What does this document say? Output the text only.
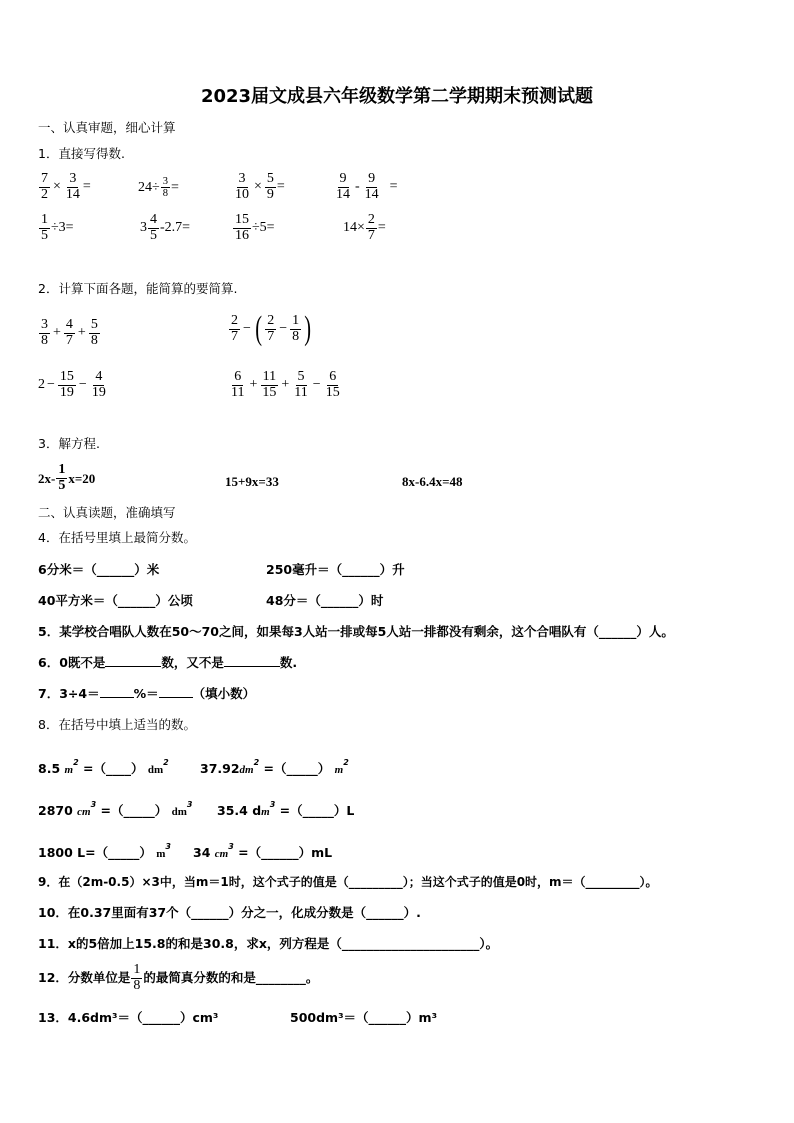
2023届文成县六年级数学第二学期期末预测试题
一、认真审题，细心计算
1．直接写得数.
$\frac{7}{2} \times \frac{3}{14}$ =	$24 \div \frac{3}{8}$ =	$\frac{3}{10} \times \frac{5}{9}$ =	$\frac{9}{14} - \frac{9}{14}$ =
$\frac{1}{5} \div 3=$	$3 \frac{4}{5} -2.7=$	$\frac{15}{16} \div 5=$	$14\times \frac{2}{7}$ =
2．计算下面各题，能简算的要简算.
$\frac{3}{8} + \frac{4}{7} + \frac{5}{8}$	$\frac{2}{7}$ − ( $\frac{2}{7} - \frac{1}{8}$ )
$2 - \frac{15}{19} - \frac{4}{19}$	$\frac{6}{11} + \frac{11}{15} + \frac{5}{11} - \frac{6}{15}$
3．解方程.
$2x- \frac{1}{5} x=20$	15+9x=33	8x-6.4x=48
二、认真读题，准确填写
4．在括号里填上最简分数。
6分米＝（______）米	250毫升＝（______）升
40平方米＝（______）公顷	48分＝（______）时
5．某学校合唱队人数在50～70之间，如果每3人站一排或每5人站一排都没有剩余，这个合唱队有（______）人。
6．0既不是	数，又不是	数.
7．3÷4＝	%＝	（填小数）
8．在括号中填上适当的数。
8.5 $m^2$ =（____） $dm^2$	$37.92dm^2$ =（_____） $m^2$
2870 $cm^3$ =（_____） $dm^3$ 35.4 $dm^3$ =（_____）L
1800 L=（_____） $m^3$ 34 $cm^3$ =（______）mL
9．在（2m-0.5）×3中，当m＝1时，这个式子的值是（_________）；当这个式子的值是0时，m＝（_________）。
10．在0.37里面有37个（______）分之一，化成分数是（______）.
11．x的5倍加上15.8的和是30.8，求x，列方程是（______________________）。
12．分数单位是 $\frac{1}{8}$ 的最简真分数的和是________。
13．4.6dm³＝（______）cm³	500dm³＝（______）m³
